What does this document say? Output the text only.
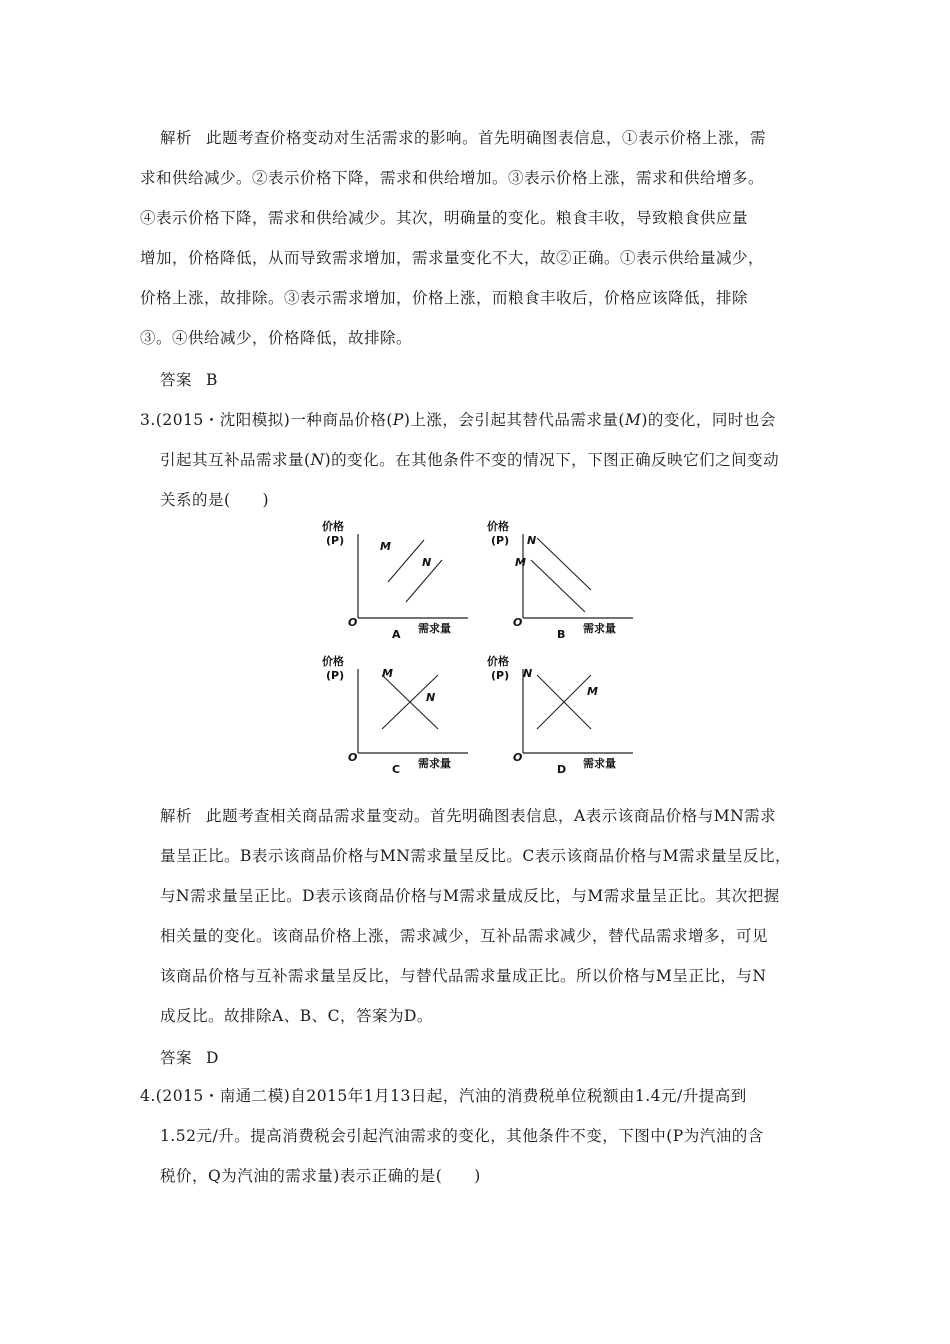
解析 此题考查价格变动对生活需求的影响。首先明确图表信息，①表示价格上涨，需
求和供给减少。②表示价格下降，需求和供给增加。③表示价格上涨，需求和供给增多。
④表示价格下降，需求和供给减少。其次，明确量的变化。粮食丰收，导致粮食供应量
增加，价格降低，从而导致需求增加，需求量变化不大，故②正确。①表示供给量减少，
价格上涨，故排除。③表示需求增加，价格上涨，而粮食丰收后，价格应该降低，排除
③。④供给减少，价格降低，故排除。
答案 B
3.(2015・沈阳模拟)一种商品价格(P)上涨，会引起其替代品需求量(M)的变化，同时也会
引起其互补品需求量(N)的变化。在其他条件不变的情况下，下图正确反映它们之间变动
关系的是(　　)
价格
(P)
O	需求量
A
M
N
价格
(P)
O	需求量
B
N
M
价格
(P)
O	需求量
C
M
N
价格
(P)
O	需求量
D
N
M
解析 此题考查相关商品需求量变动。首先明确图表信息，A表示该商品价格与MN需求
量呈正比。B表示该商品价格与MN需求量呈反比。C表示该商品价格与M需求量呈反比，
与N需求量呈正比。D表示该商品价格与M需求量成反比，与M需求量呈正比。其次把握
相关量的变化。该商品价格上涨，需求减少，互补品需求减少，替代品需求增多，可见
该商品价格与互补需求量呈反比，与替代品需求量成正比。所以价格与M呈正比，与N
成反比。故排除A、B、C，答案为D。
答案 D
4.(2015・南通二模)自2015年1月13日起，汽油的消费税单位税额由1.4元/升提高到
1.52元/升。提高消费税会引起汽油需求的变化，其他条件不变，下图中(P为汽油的含
税价，Q为汽油的需求量)表示正确的是(　　)
